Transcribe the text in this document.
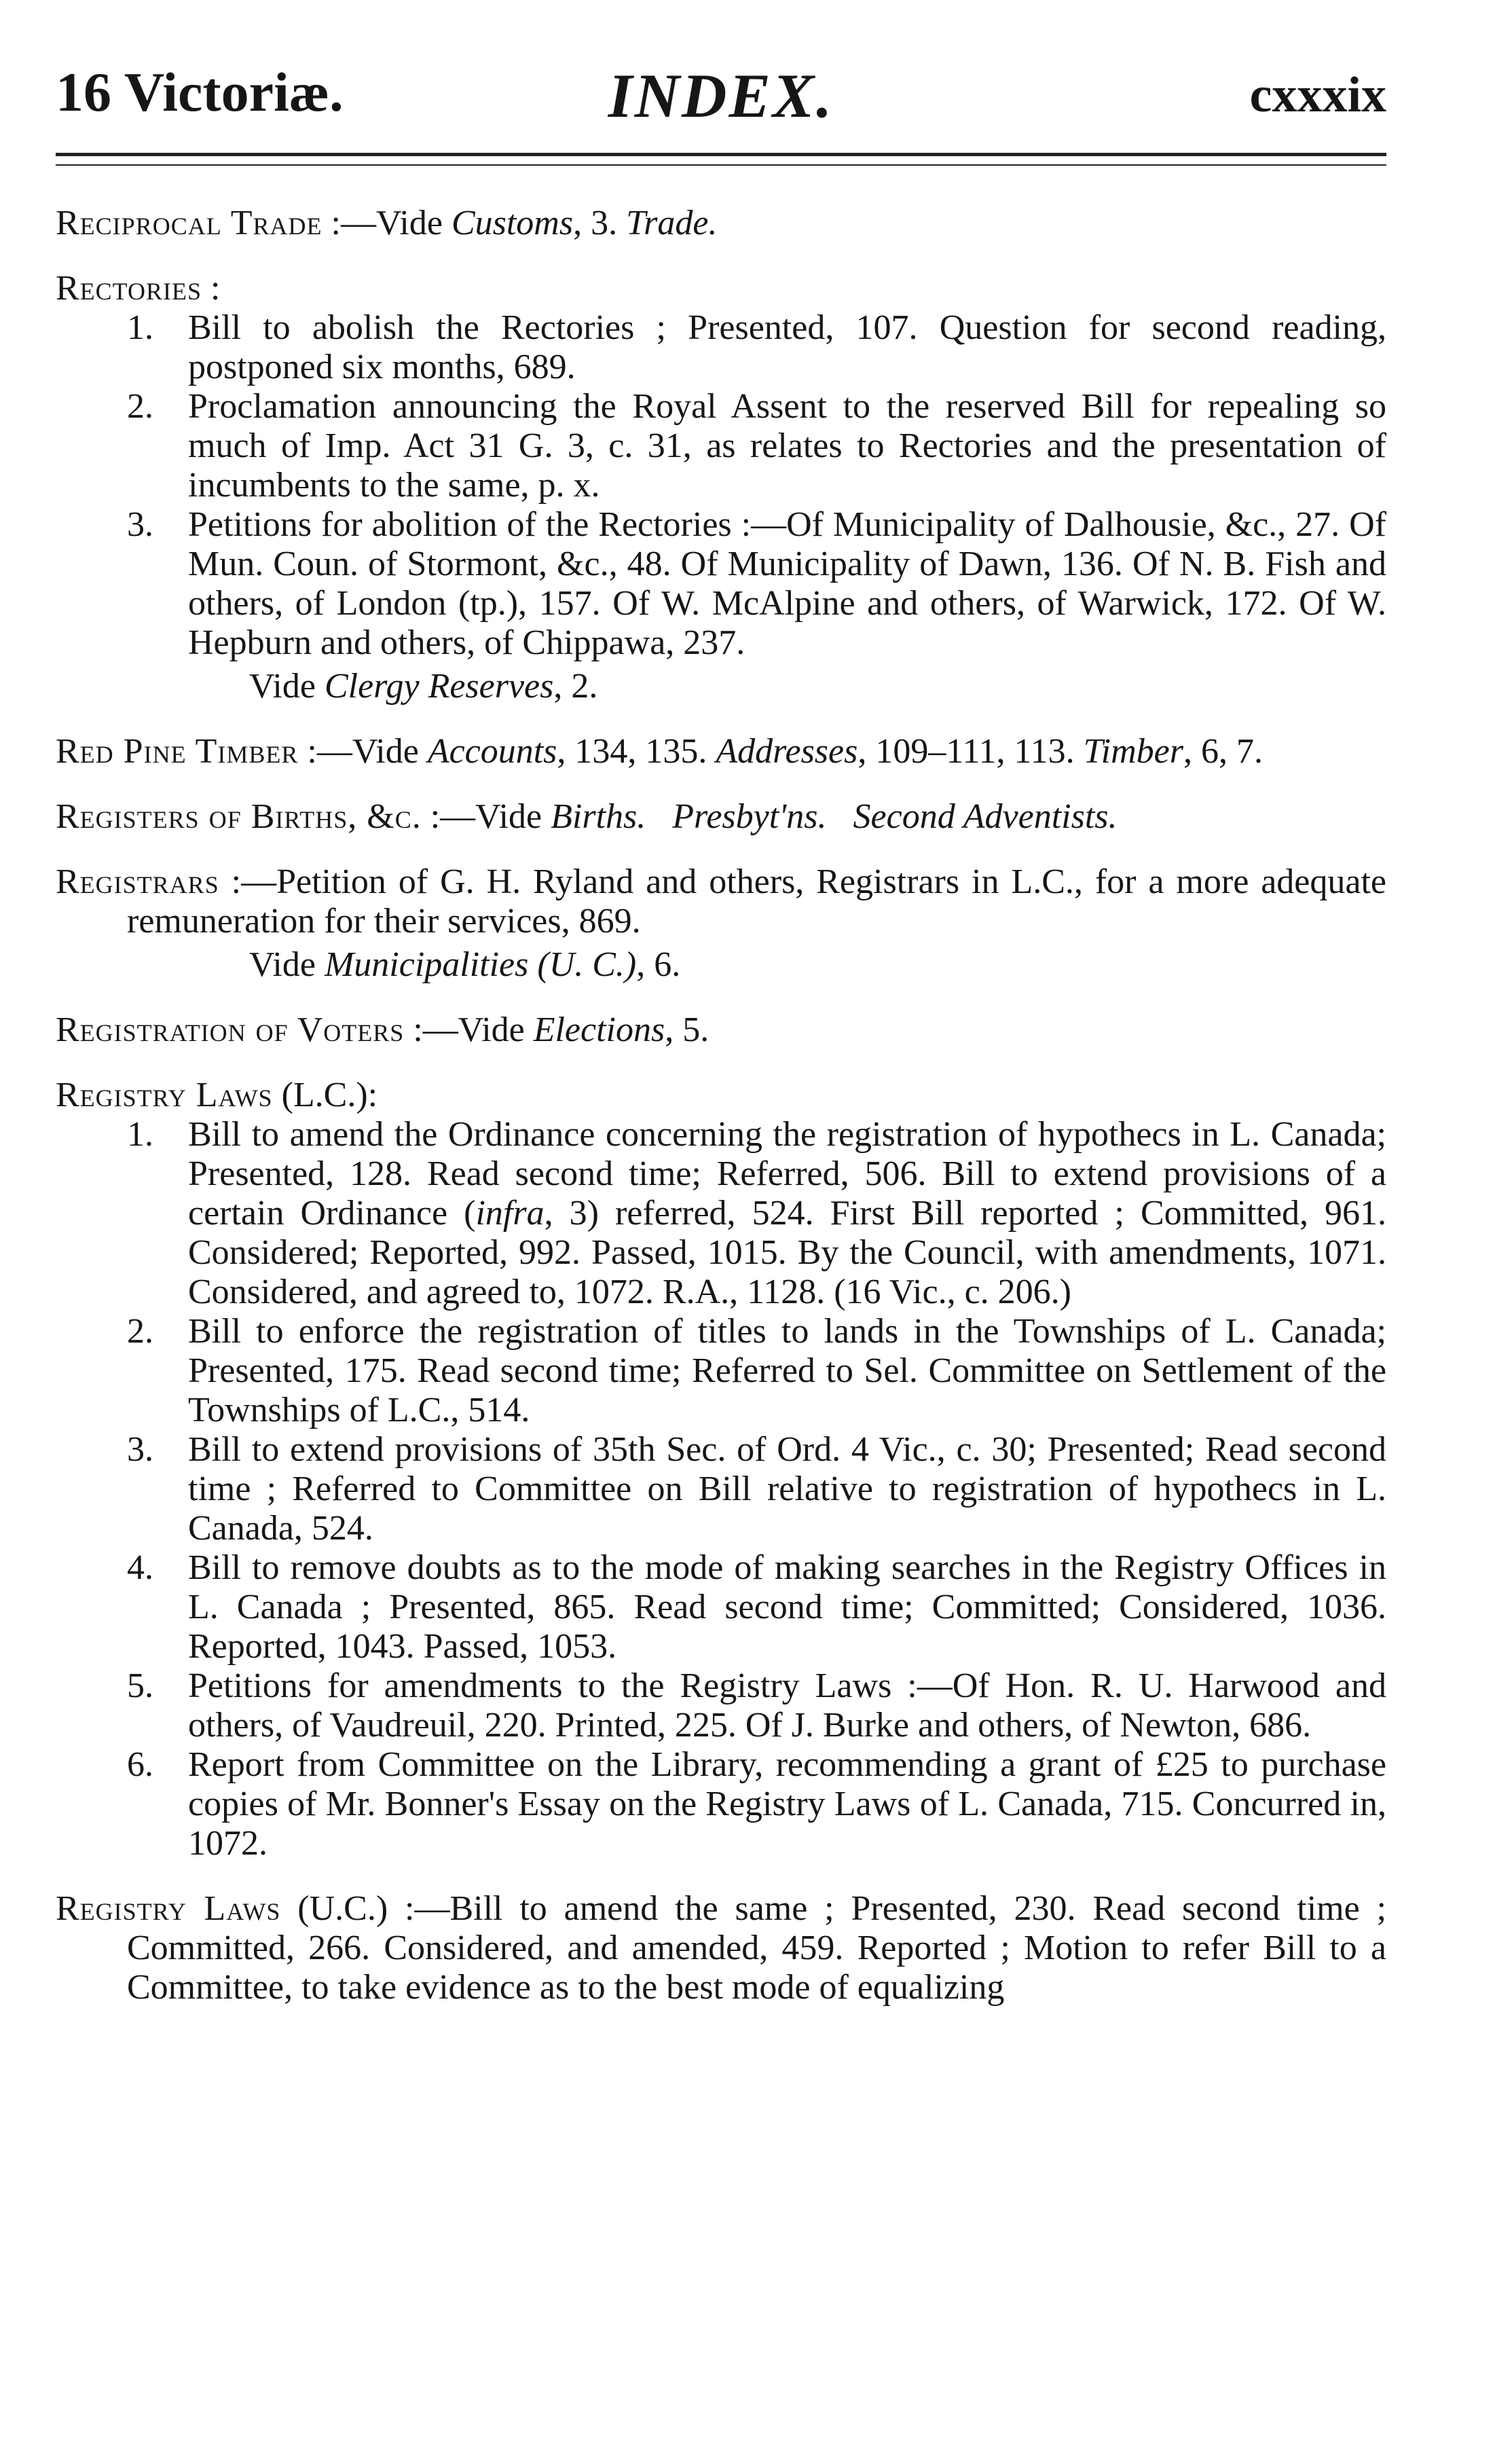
16 Victoriæ.	INDEX.	cxxxix
Reciprocal Trade :—Vide Customs, 3. Trade.
Rectories :
1. Bill to abolish the Rectories ; Presented, 107. Question for second reading, postponed six months, 689.
2. Proclamation announcing the Royal Assent to the reserved Bill for repealing so much of Imp. Act 31 G. 3, c. 31, as relates to Rectories and the presentation of incumbents to the same, p. x.
3. Petitions for abolition of the Rectories :—Of Municipality of Dalhousie, &c., 27. Of Mun. Coun. of Stormont, &c., 48. Of Municipality of Dawn, 136. Of N. B. Fish and others, of London (tp.), 157. Of W. McAlpine and others, of Warwick, 172. Of W. Hepburn and others, of Chippawa, 237.
Vide Clergy Reserves, 2.
Red Pine Timber :—Vide Accounts, 134, 135. Addresses, 109–111, 113. Timber, 6, 7.
Registers of Births, &c. :—Vide Births. Presbyt'ns. Second Adventists.
Registrars :—Petition of G. H. Ryland and others, Registrars in L.C., for a more adequate remuneration for their services, 869.
Vide Municipalities (U. C.), 6.
Registration of Voters :—Vide Elections, 5.
Registry Laws (L.C.):
1. Bill to amend the Ordinance concerning the registration of hypothecs in L. Canada; Presented, 128. Read second time; Referred, 506. Bill to extend provisions of a certain Ordinance (infra, 3) referred, 524. First Bill reported ; Committed, 961. Considered; Reported, 992. Passed, 1015. By the Council, with amendments, 1071. Considered, and agreed to, 1072. R.A., 1128. (16 Vic., c. 206.)
2. Bill to enforce the registration of titles to lands in the Townships of L. Canada; Presented, 175. Read second time; Referred to Sel. Committee on Settlement of the Townships of L.C., 514.
3. Bill to extend provisions of 35th Sec. of Ord. 4 Vic., c. 30; Presented; Read second time ; Referred to Committee on Bill relative to registration of hypothecs in L. Canada, 524.
4. Bill to remove doubts as to the mode of making searches in the Registry Offices in L. Canada ; Presented, 865. Read second time; Committed; Considered, 1036. Reported, 1043. Passed, 1053.
5. Petitions for amendments to the Registry Laws :—Of Hon. R. U. Harwood and others, of Vaudreuil, 220. Printed, 225. Of J. Burke and others, of Newton, 686.
6. Report from Committee on the Library, recommending a grant of £25 to purchase copies of Mr. Bonner's Essay on the Registry Laws of L. Canada, 715. Concurred in, 1072.
Registry Laws (U.C.) :—Bill to amend the same ; Presented, 230. Read second time ; Committed, 266. Considered, and amended, 459. Reported ; Motion to refer Bill to a Committee, to take evidence as to the best mode of equalizing
